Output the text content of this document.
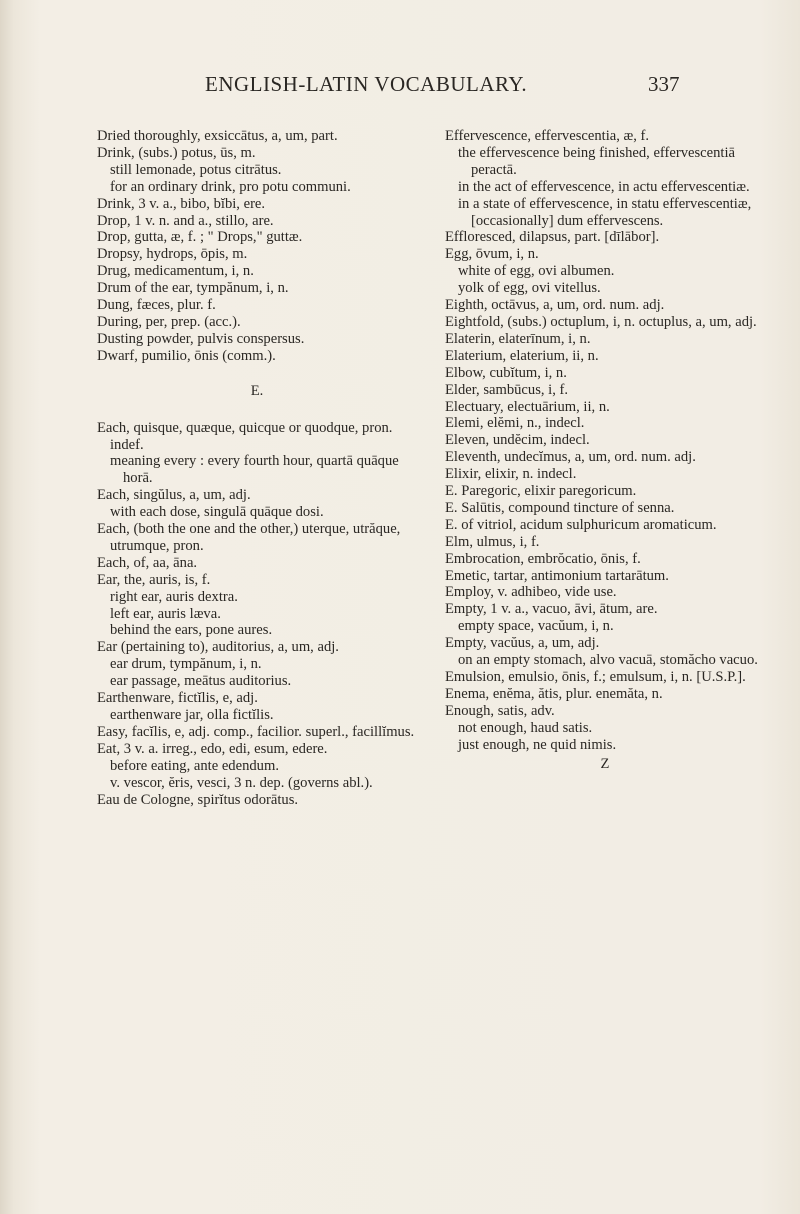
ENGLISH-LATIN VOCABULARY.	337

Dried thoroughly, exsiccātus, a, um, part.

Drink, (subs.) potus, ūs, m.

still lemonade, potus citrātus.

for an ordinary drink, pro potu communi.

Drink, 3 v. a., bibo, bĭbi, ere.

Drop, 1 v. n. and a., stillo, are.

Drop, gutta, æ, f. ; " Drops," guttæ.

Dropsy, hydrops, ōpis, m.

Drug, medicamentum, i, n.

Drum of the ear, tympănum, i, n.

Dung, fæces, plur. f.

During, per, prep. (acc.).

Dusting powder, pulvis conspersus.

Dwarf, pumilio, ōnis (comm.).

E.

Each, quisque, quæque, quicque or quodque, pron. indef.

meaning every : every fourth hour, quartā quāque horā.

Each, singŭlus, a, um, adj.

with each dose, singulā quāque dosi.

Each, (both the one and the other,) uterque, utrăque, utrumque, pron.

Each, of, aa, āna.

Ear, the, auris, is, f.

right ear, auris dextra.

left ear, auris læva.

behind the ears, pone aures.

Ear (pertaining to), auditorius, a, um, adj.

ear drum, tympănum, i, n.

ear passage, meātus auditorius.

Earthenware, fictĭlis, e, adj.

earthenware jar, olla fictĭlis.

Easy, facĭlis, e, adj. comp., facilior. superl., facillĭmus.

Eat, 3 v. a. irreg., edo, edi, esum, edere.

before eating, ante edendum.

v. vescor, ĕris, vesci, 3 n. dep. (governs abl.).

Eau de Cologne, spirĭtus odorātus.

Effervescence, effervescentia, æ, f.

the effervescence being finished, effervescentiā peractā.

in the act of effervescence, in actu effervescentiæ.

in a state of effervescence, in statu effervescentiæ, [occasionally] dum effervescens.

Effloresced, dilapsus, part. [dīlābor].

Egg, ōvum, i, n.

white of egg, ovi albumen.

yolk of egg, ovi vitellus.

Eighth, octāvus, a, um, ord. num. adj.

Eightfold, (subs.) octuplum, i, n. octuplus, a, um, adj.

Elaterin, elaterīnum, i, n.

Elaterium, elaterium, ii, n.

Elbow, cubĭtum, i, n.

Elder, sambūcus, i, f.

Electuary, electuārium, ii, n.

Elemi, elĕmi, n., indecl.

Eleven, undĕcim, indecl.

Eleventh, undecĭmus, a, um, ord. num. adj.

Elixir, elixir, n. indecl.

E. Paregoric, elixir paregoricum.

E. Salūtis, compound tincture of senna.

E. of vitriol, acidum sulphuricum aromaticum.

Elm, ulmus, i, f.

Embrocation, embrŏcatio, ōnis, f.

Emetic, tartar, antimonium tartarātum.

Employ, v. adhibeo, vide use.

Empty, 1 v. a., vacuo, āvi, ātum, are.

empty space, vacŭum, i, n.

Empty, vacŭus, a, um, adj.

on an empty stomach, alvo vacuā, stomăcho vacuo.

Emulsion, emulsio, ōnis, f.; emulsum, i, n. [U.S.P.].

Enema, enĕma, ătis, plur. enemăta, n.

Enough, satis, adv.

not enough, haud satis.

just enough, ne quid nimis.

Z
